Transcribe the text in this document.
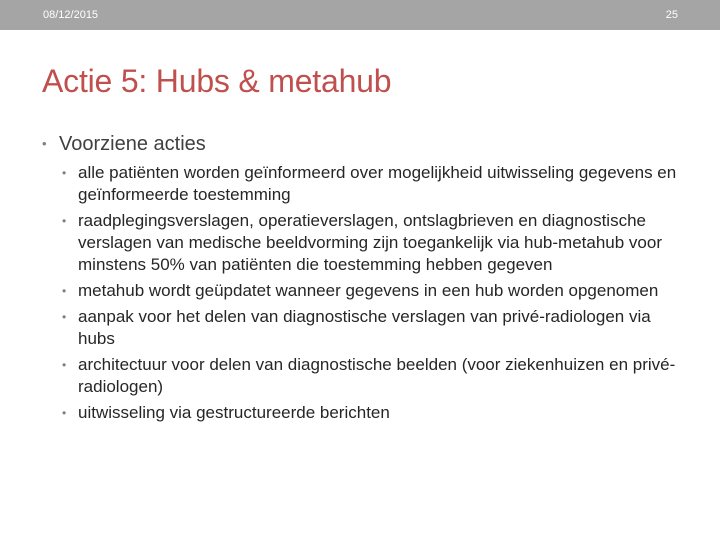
08/12/2015	25
Actie 5: Hubs & metahub
• Voorziene acties
• alle patiënten worden geïnformeerd over mogelijkheid uitwisseling gegevens en geïnformeerde toestemming
• raadplegingsverslagen, operatieverslagen, ontslagbrieven en diagnostische verslagen van medische beeldvorming zijn toegankelijk via hub-metahub voor minstens 50% van patiënten die toestemming hebben gegeven
• metahub wordt geüpdatet wanneer gegevens in een hub worden opgenomen
• aanpak voor het delen van diagnostische verslagen van privé-radiologen via hubs
• architectuur voor delen van diagnostische beelden (voor ziekenhuizen en privé-radiologen)
• uitwisseling via gestructureerde berichten
